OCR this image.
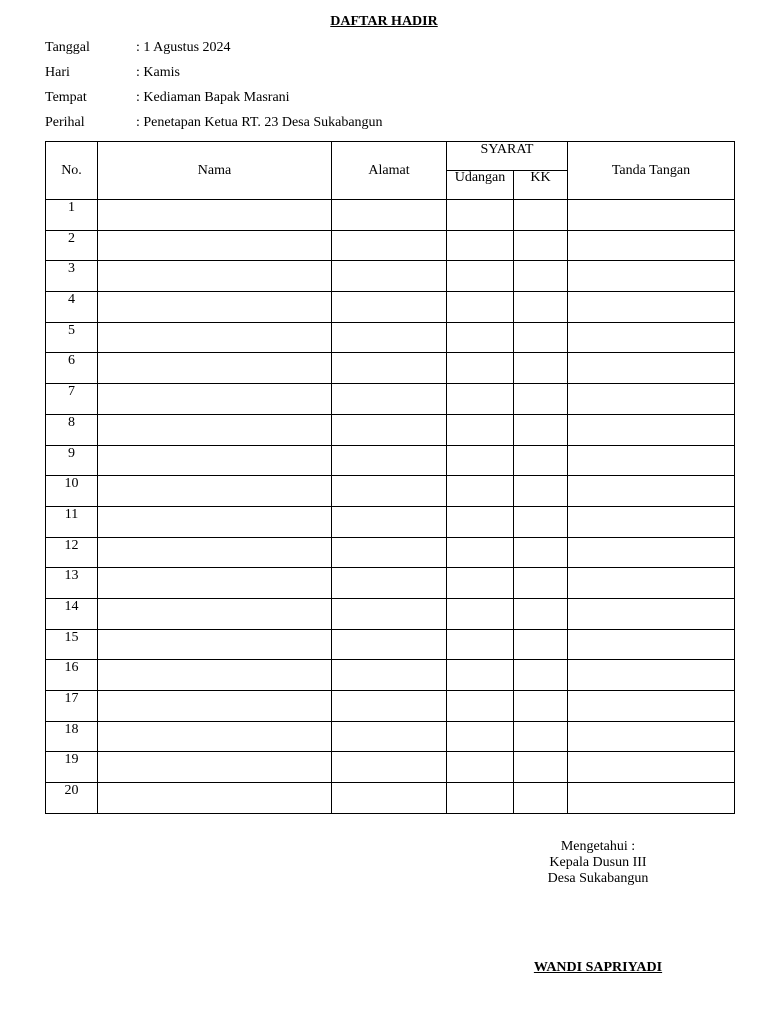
DAFTAR HADIR
Tanggal	: 1 Agustus 2024
Hari	: Kamis
Tempat	: Kediaman Bapak Masrani
Perihal	: Penetapan Ketua RT. 23 Desa Sukabangun
No.	Nama	Alamat	SYARAT		Tanda Tangan
			Udangan	KK	
1					
2					
3					
4					
5					
6					
7					
8					
9					
10					
11					
12					
13					
14					
15					
16					
17					
18					
19					
20					
Mengetahui :
Kepala Dusun III
Desa Sukabangun
WANDI SAPRIYADI
